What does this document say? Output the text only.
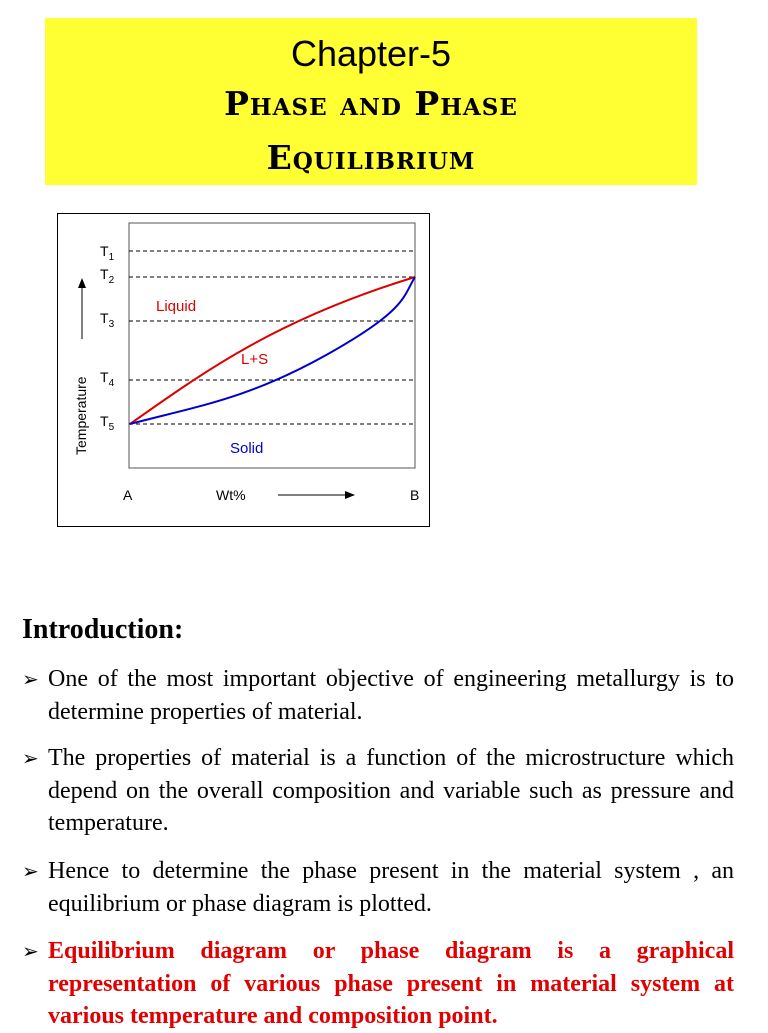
Chapter-5
Phase and Phase
Equilibrium
$T_1$
$T_2$
$T_3$
$T_4$
$T_5$
Liquid
L+S
Solid
Temperature
A	Wt%	B
Introduction:
➢ One of the most important objective of engineering metallurgy is to determine properties of material.
➢ The properties of material is a function of the microstructure which depend on the overall composition and variable such as pressure and temperature.
➢ Hence to determine the phase present in the material system , an equilibrium or phase diagram is plotted.
➢ Equilibrium diagram or phase diagram is a graphical representation of various phase present in material system at various temperature and composition point.
